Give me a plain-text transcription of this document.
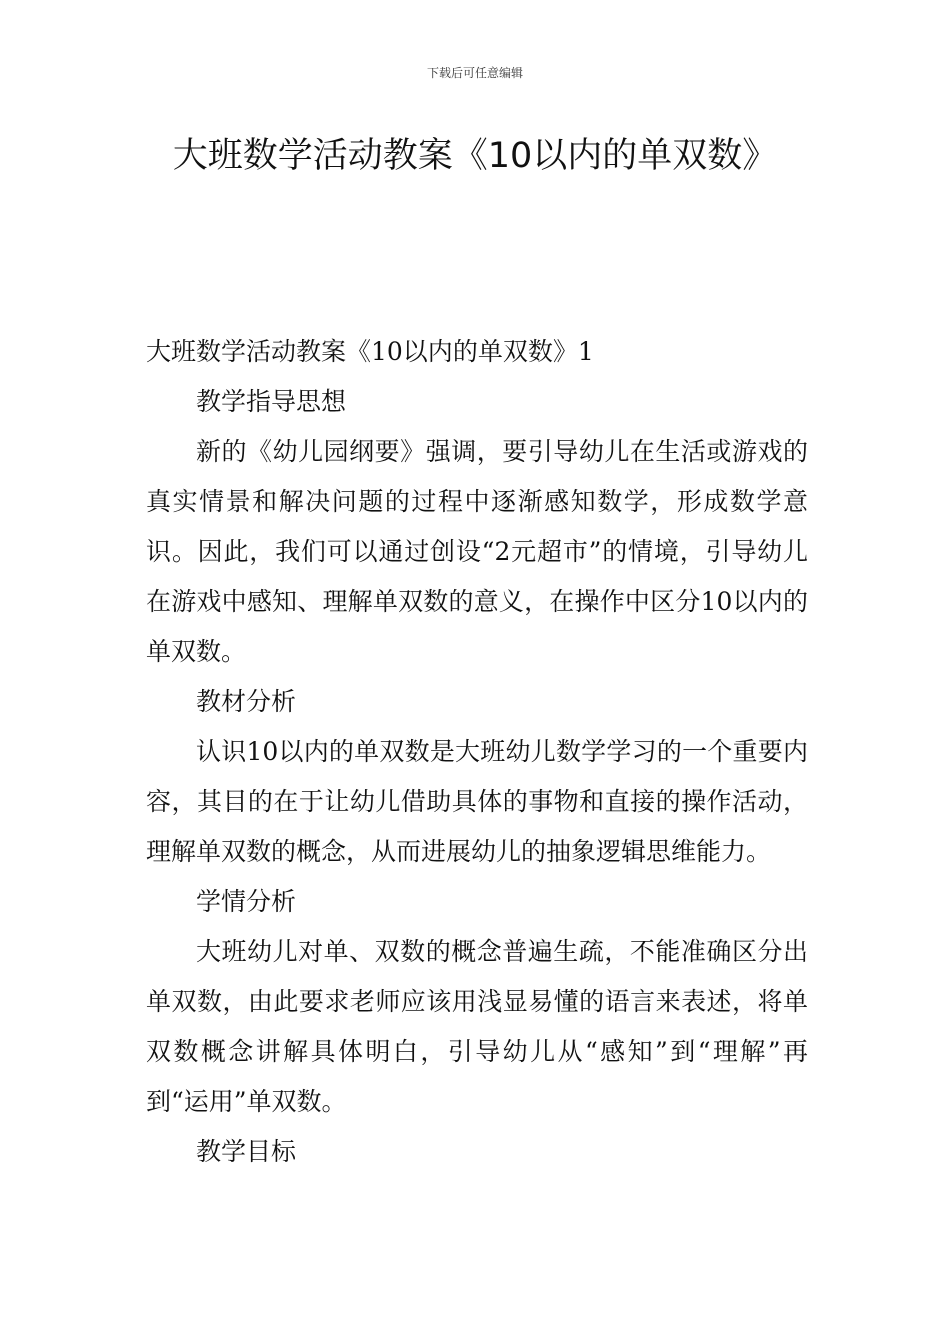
下载后可任意编辑
大班数学活动教案《10以内的单双数》

大班数学活动教案《10以内的单双数》1

教学指导思想

新的《幼儿园纲要》强调，要引导幼儿在生活或游戏的真实情景和解决问题的过程中逐渐感知数学，形成数学意识。因此，我们可以通过创设“2元超市”的情境，引导幼儿在游戏中感知、理解单双数的意义，在操作中区分10以内的单双数。

教材分析

认识10以内的单双数是大班幼儿数学学习的一个重要内容，其目的在于让幼儿借助具体的事物和直接的操作活动，理解单双数的概念，从而进展幼儿的抽象逻辑思维能力。

学情分析

大班幼儿对单、双数的概念普遍生疏，不能准确区分出单双数，由此要求老师应该用浅显易懂的语言来表述，将单双数概念讲解具体明白，引导幼儿从“感知”到“理解”再到“运用”单双数。

教学目标
